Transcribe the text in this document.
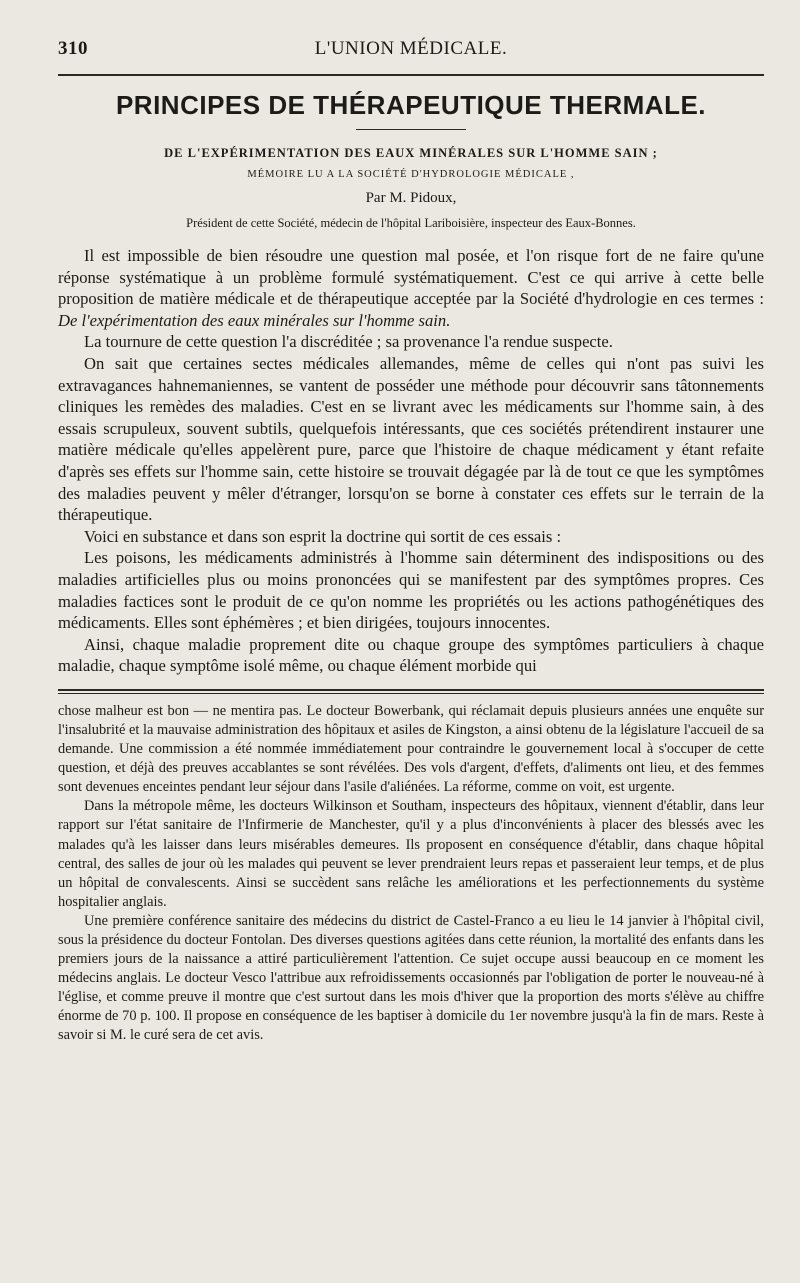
310	L'UNION MÉDICALE.
PRINCIPES DE THÉRAPEUTIQUE THERMALE.
DE L'EXPÉRIMENTATION DES EAUX MINÉRALES SUR L'HOMME SAIN ;
MÉMOIRE LU A LA SOCIÉTÉ D'HYDROLOGIE MÉDICALE ,
Par M. Pidoux,
Président de cette Société, médecin de l'hôpital Lariboisière, inspecteur des Eaux-Bonnes.

Il est impossible de bien résoudre une question mal posée, et l'on risque fort de ne faire qu'une réponse systématique à un problème formulé systématiquement. C'est ce qui arrive à cette belle proposition de matière médicale et de thérapeutique acceptée par la Société d'hydrologie en ces termes : De l'expérimentation des eaux minérales sur l'homme sain.

La tournure de cette question l'a discréditée ; sa provenance l'a rendue suspecte.

On sait que certaines sectes médicales allemandes, même de celles qui n'ont pas suivi les extravagances hahnemaniennes, se vantent de posséder une méthode pour découvrir sans tâtonnements cliniques les remèdes des maladies. C'est en se livrant avec les médicaments sur l'homme sain, à des essais scrupuleux, souvent subtils, quelquefois intéressants, que ces sociétés prétendirent instaurer une matière médicale qu'elles appelèrent pure, parce que l'histoire de chaque médicament y étant refaite d'après ses effets sur l'homme sain, cette histoire se trouvait dégagée par là de tout ce que les symptômes des maladies peuvent y mêler d'étranger, lorsqu'on se borne à constater ces effets sur le terrain de la thérapeutique.

Voici en substance et dans son esprit la doctrine qui sortit de ces essais :

Les poisons, les médicaments administrés à l'homme sain déterminent des indispositions ou des maladies artificielles plus ou moins prononcées qui se manifestent par des symptômes propres. Ces maladies factices sont le produit de ce qu'on nomme les propriétés ou les actions pathogénétiques des médicaments. Elles sont éphémères ; et bien dirigées, toujours innocentes.

Ainsi, chaque maladie proprement dite ou chaque groupe des symptômes particuliers à chaque maladie, chaque symptôme isolé même, ou chaque élément morbide qui

chose malheur est bon — ne mentira pas. Le docteur Bowerbank, qui réclamait depuis plusieurs années une enquête sur l'insalubrité et la mauvaise administration des hôpitaux et asiles de Kingston, a ainsi obtenu de la législature l'accueil de sa demande. Une commission a été nommée immédiatement pour contraindre le gouvernement local à s'occuper de cette question, et déjà des preuves accablantes se sont révélées. Des vols d'argent, d'effets, d'aliments ont lieu, et des femmes sont devenues enceintes pendant leur séjour dans l'asile d'aliénées. La réforme, comme on voit, est urgente.

Dans la métropole même, les docteurs Wilkinson et Southam, inspecteurs des hôpitaux, viennent d'établir, dans leur rapport sur l'état sanitaire de l'Infirmerie de Manchester, qu'il y a plus d'inconvénients à placer des blessés avec les malades qu'à les laisser dans leurs misérables demeures. Ils proposent en conséquence d'établir, dans chaque hôpital central, des salles de jour où les malades qui peuvent se lever prendraient leurs repas et passeraient leur temps, et de plus un hôpital de convalescents. Ainsi se succèdent sans relâche les améliorations et les perfectionnements du système hospitalier anglais.

Une première conférence sanitaire des médecins du district de Castel-Franco a eu lieu le 14 janvier à l'hôpital civil, sous la présidence du docteur Fontolan. Des diverses questions agitées dans cette réunion, la mortalité des enfants dans les premiers jours de la naissance a attiré particulièrement l'attention. Ce sujet occupe aussi beaucoup en ce moment les médecins anglais. Le docteur Vesco l'attribue aux refroidissements occasionnés par l'obligation de porter le nouveau-né à l'église, et comme preuve il montre que c'est surtout dans les mois d'hiver que la proportion des morts s'élève au chiffre énorme de 70 p. 100. Il propose en conséquence de les baptiser à domicile du 1er novembre jusqu'à la fin de mars. Reste à savoir si M. le curé sera de cet avis.
